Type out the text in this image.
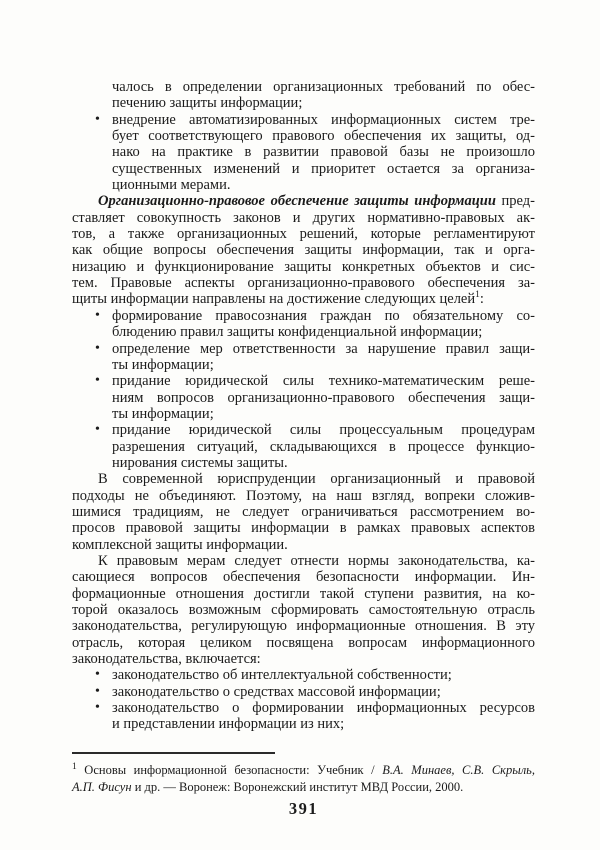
чалось в определении организационных требований по обес-
печению защиты информации;
• внедрение автоматизированных информационных систем тре-
бует соответствующего правового обеспечения их защиты, од-
нако на практике в развитии правовой базы не произошло
существенных изменений и приоритет остается за организа-
ционными мерами.
Организационно-правовое обеспечение защиты информации пред-
ставляет совокупность законов и других нормативно-правовых ак-
тов, а также организационных решений, которые регламентируют
как общие вопросы обеспечения защиты информации, так и орга-
низацию и функционирование защиты конкретных объектов и сис-
тем. Правовые аспекты организационно-правового обеспечения за-
щиты информации направлены на достижение следующих целей$^1$:
• формирование правосознания граждан по обязательному со-
блюдению правил защиты конфиденциальной информации;
• определение мер ответственности за нарушение правил защи-
ты информации;
• придание юридической силы технико-математическим реше-
ниям вопросов организационно-правового обеспечения защи-
ты информации;
• придание юридической силы процессуальным процедурам
разрешения ситуаций, складывающихся в процессе функцио-
нирования системы защиты.
В современной юриспруденции организационный и правовой
подходы не объединяют. Поэтому, на наш взгляд, вопреки сложив-
шимися традициям, не следует ограничиваться рассмотрением во-
просов правовой защиты информации в рамках правовых аспектов
комплексной защиты информации.
К правовым мерам следует отнести нормы законодательства, ка-
сающиеся вопросов обеспечения безопасности информации. Ин-
формационные отношения достигли такой ступени развития, на ко-
торой оказалось возможным сформировать самостоятельную отрасль
законодательства, регулирующую информационные отношения. В эту
отрасль, которая целиком посвящена вопросам информационного
законодательства, включается:
• законодательство об интеллектуальной собственности;
• законодательство о средствах массовой информации;
• законодательство о формировании информационных ресурсов
и представлении информации из них;
$^1$ Основы информационной безопасности: Учебник / В.А. Минаев, С.В. Скрыль,
А.П. Фисун и др. — Воронеж: Воронежский институт МВД России, 2000.
391
